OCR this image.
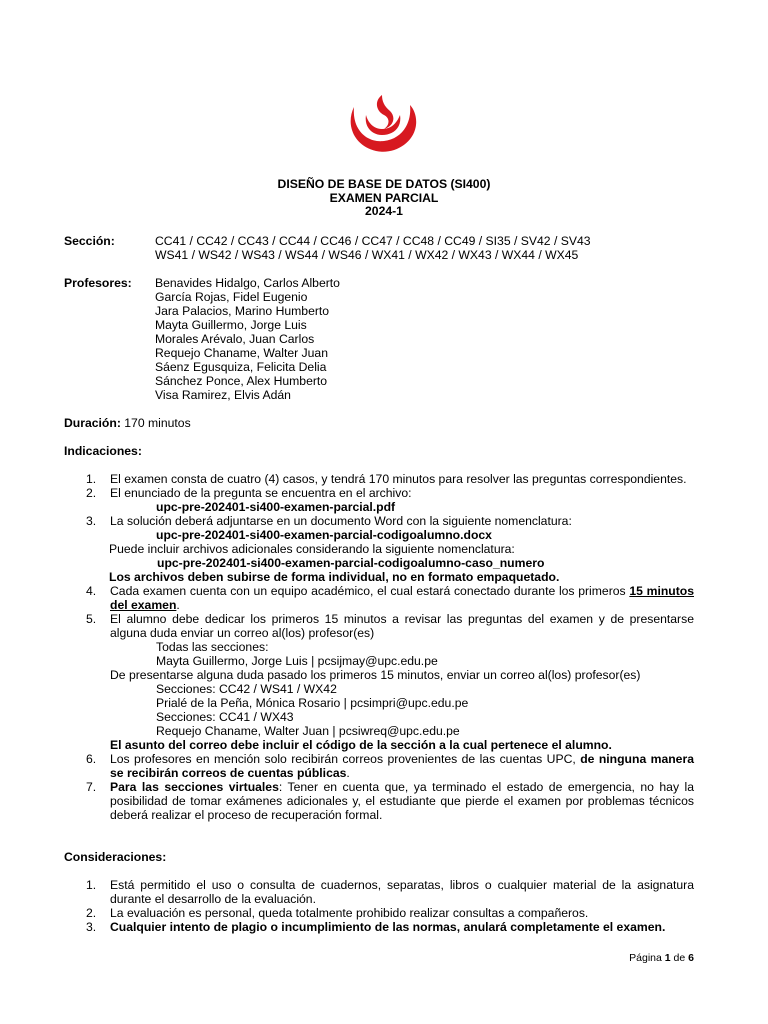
DISEÑO DE BASE DE DATOS (SI400)
EXAMEN PARCIAL
2024-1
Sección:	CC41 / CC42 / CC43 / CC44 / CC46 / CC47 / CC48 / CC49 / SI35 / SV42 / SV43
WS41 / WS42 / WS43 / WS44 / WS46 / WX41 / WX42 / WX43 / WX44 / WX45
Profesores: Benavides Hidalgo, Carlos Alberto
García Rojas, Fidel Eugenio
Jara Palacios, Marino Humberto
Mayta Guillermo, Jorge Luis
Morales Arévalo, Juan Carlos
Requejo Chaname, Walter Juan
Sáenz Egusquiza, Felicita Delia
Sánchez Ponce, Alex Humberto
Visa Ramirez, Elvis Adán
Duración: 170 minutos
Indicaciones:
1.	El examen consta de cuatro (4) casos, y tendrá 170 minutos para resolver las preguntas correspondientes.
2.	El enunciado de la pregunta se encuentra en el archivo:
upc-pre-202401-si400-examen-parcial.pdf
3.	La solución deberá adjuntarse en un documento Word con la siguiente nomenclatura:
upc-pre-202401-si400-examen-parcial-codigoalumno.docx
Puede incluir archivos adicionales considerando la siguiente nomenclatura:
upc-pre-202401-si400-examen-parcial-codigoalumno-caso_numero
Los archivos deben subirse de forma individual, no en formato empaquetado.
4.	Cada examen cuenta con un equipo académico, el cual estará conectado durante los primeros 15 minutos del examen.
5.	El alumno debe dedicar los primeros 15 minutos a revisar las preguntas del examen y de presentarse alguna duda enviar un correo al(los) profesor(es)
Todas las secciones:
Mayta Guillermo, Jorge Luis | pcsijmay@upc.edu.pe
De presentarse alguna duda pasado los primeros 15 minutos, enviar un correo al(los) profesor(es)
Secciones: CC42 / WS41 / WX42
Prialé de la Peña, Mónica Rosario | pcsimpri@upc.edu.pe
Secciones: CC41 / WX43
Requejo Chaname, Walter Juan | pcsiwreq@upc.edu.pe
El asunto del correo debe incluir el código de la sección a la cual pertenece el alumno.
6.	Los profesores en mención solo recibirán correos provenientes de las cuentas UPC, de ninguna manera se recibirán correos de cuentas públicas.
7.	Para las secciones virtuales: Tener en cuenta que, ya terminado el estado de emergencia, no hay la posibilidad de tomar exámenes adicionales y, el estudiante que pierde el examen por problemas técnicos deberá realizar el proceso de recuperación formal.
Consideraciones:
1.	Está permitido el uso o consulta de cuadernos, separatas, libros o cualquier material de la asignatura durante el desarrollo de la evaluación.
2.	La evaluación es personal, queda totalmente prohibido realizar consultas a compañeros.
3.	Cualquier intento de plagio o incumplimiento de las normas, anulará completamente el examen.
Página 1 de 6
